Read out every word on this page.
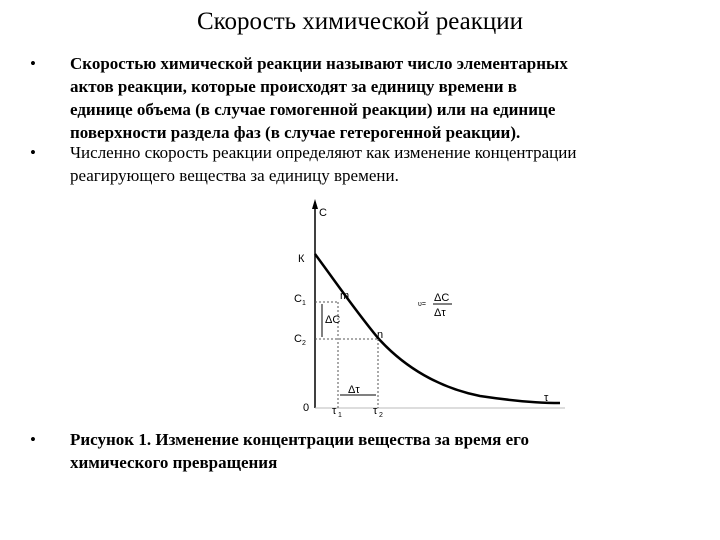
Скорость химической реакции
•	Скоростью химической реакции называют число элементарных
актов реакции, которые происходят за единицу времени в
единице объема (в случае гомогенной реакции) или на единице
поверхности раздела фаз (в случае гетерогенной реакции).
•	Численно скорость реакции определяют как изменение концентрации
реагирующего вещества за единицу времени.
C
К
C 1
C 2
m
n
ΔC
Δτ
0 τ 1	τ 2
τ
υ=
ΔC
Δτ
•	Рисунок 1. Изменение концентрации вещества за время его
химического превращения
